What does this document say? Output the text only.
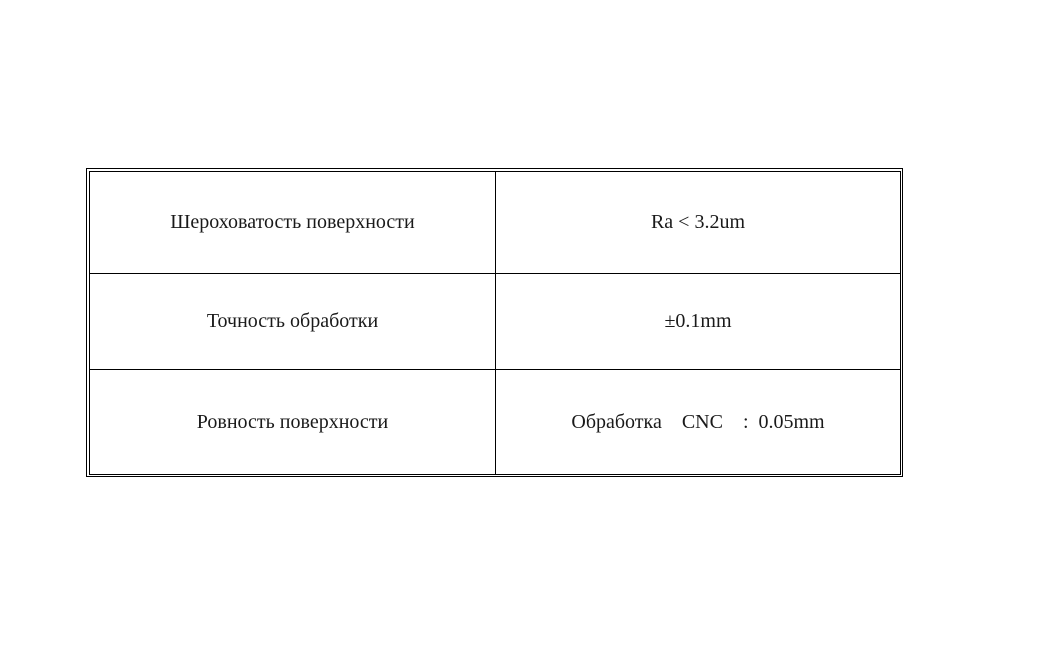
Шероховатость поверхности	Ra < 3.2um
Точность обработки	±0.1mm
Ровность поверхности	Обработка    CNC    :  0.05mm
